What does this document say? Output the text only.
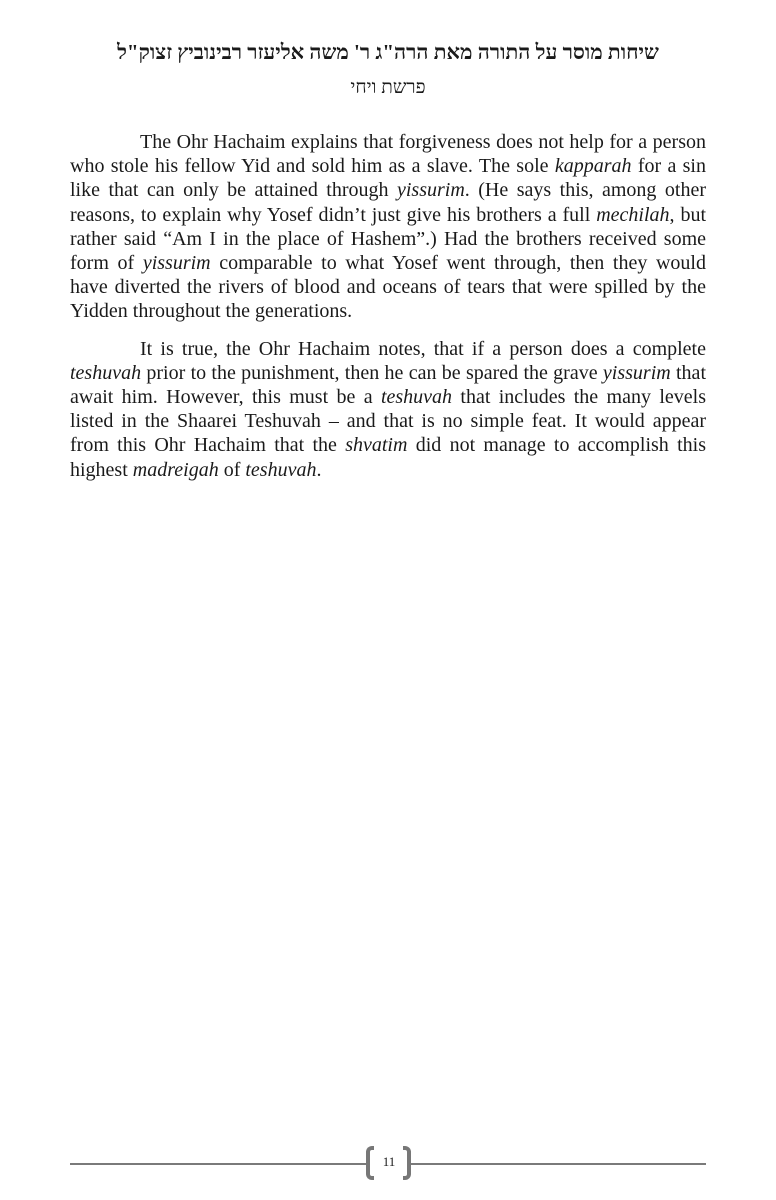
שיחות מוסר על התורה מאת הרה"ג ר' משה אליעזר רבינוביץ זצוק"ל
פרשת ויחי

The Ohr Hachaim explains that forgiveness does not help for a person who stole his fellow Yid and sold him as a slave. The sole kapparah for a sin like that can only be attained through yissurim. (He says this, among other reasons, to explain why Yosef didn’t just give his brothers a full mechilah, but rather said “Am I in the place of Hashem”.) Had the brothers received some form of yissurim comparable to what Yosef went through, then they would have diverted the rivers of blood and oceans of tears that were spilled by the Yidden throughout the generations.

It is true, the Ohr Hachaim notes, that if a person does a complete teshuvah prior to the punishment, then he can be spared the grave yissurim that await him. However, this must be a teshuvah that includes the many levels listed in the Shaarei Teshuvah – and that is no simple feat. It would appear from this Ohr Hachaim that the shvatim did not manage to accomplish this highest madreigah of teshuvah.

11
